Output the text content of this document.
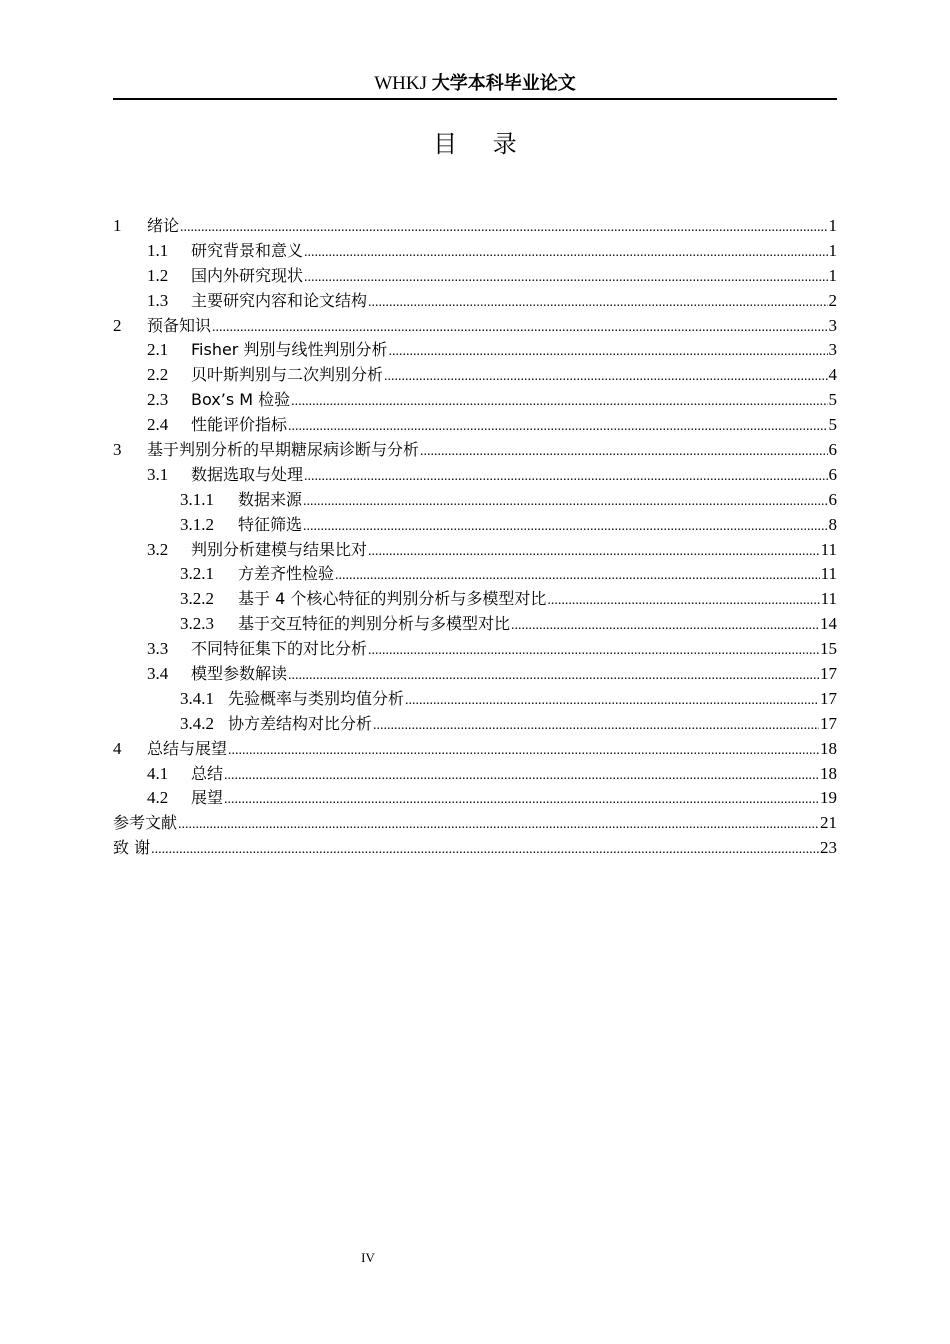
WHKJ 大学本科毕业论文
目 录
1	绪论 .....	1
1.1	研究背景和意义 .....	1
1.2	国内外研究现状 .....	1
1.3	主要研究内容和论文结构 .....	2
2	预备知识 .....	3
2.1	Fisher 判别与线性判别分析 .....	3
2.2	贝叶斯判别与二次判别分析 .....	4
2.3	Box’s M 检验 .....	5
2.4	性能评价指标 .....	5
3	基于判别分析的早期糖尿病诊断与分析 .....	6
3.1	数据选取与处理 .....	6
3.1.1	数据来源 .....	6
3.1.2	特征筛选 .....	8
3.2	判别分析建模与结果比对 .....	11
3.2.1	方差齐性检验 .....	11
3.2.2	基于 4 个核心特征的判别分析与多模型对比 .....	11
3.2.3	基于交互特征的判别分析与多模型对比 .....	14
3.3	不同特征集下的对比分析 .....	15
3.4	模型参数解读 .....	17
3.4.1 先验概率与类别均值分析 .....	17
3.4.2 协方差结构对比分析 .....	17
4	总结与展望 .....	18
4.1	总结 .....	18
4.2	展望 .....	19
参考文献 .....	21
致 谢 .....	23
IV
